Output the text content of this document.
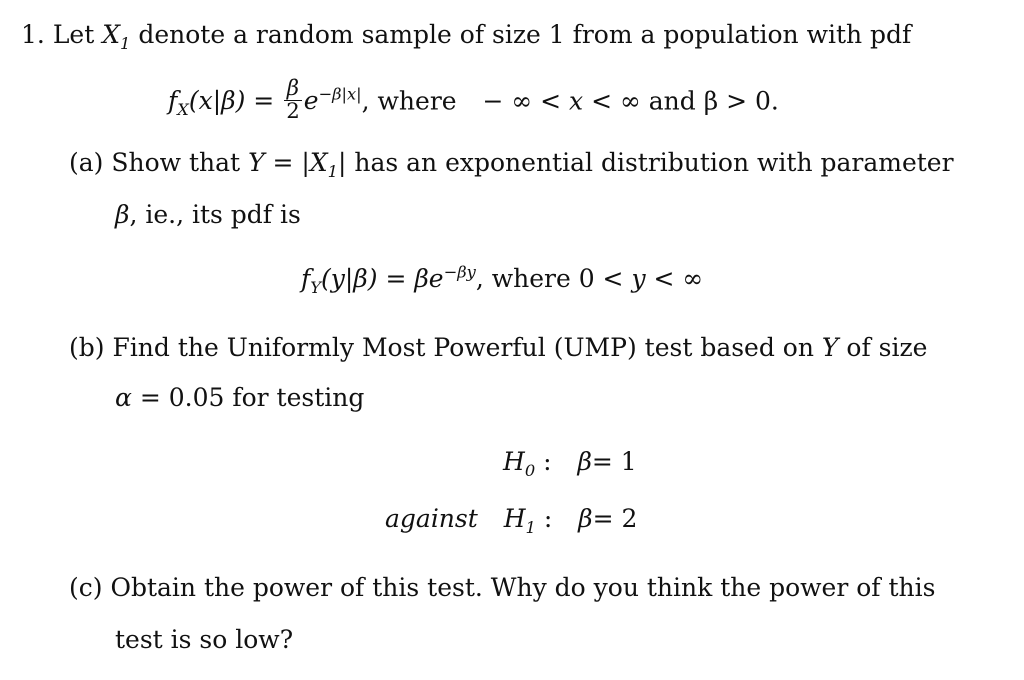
1. Let $X_1$ denote a random sample of size 1 from a population with pdf
$f_X(x|\beta) = \frac{\beta}{2} e^{-\beta|x|}$, where − ∞ < x < ∞ and β > 0.
(a) Show that $Y = |X_1|$ has an exponential distribution with parameter
β, ie., its pdf is
$f_Y(y|\beta) = \beta e^{-\beta y}$, where 0 < y < ∞
(b) Find the Uniformly Most Powerful (UMP) test based on Y of size
α = 0.05 for testing
$H_0$ : β= 1
against $H_1$ : β= 2
(c) Obtain the power of this test. Why do you think the power of this
test is so low?
